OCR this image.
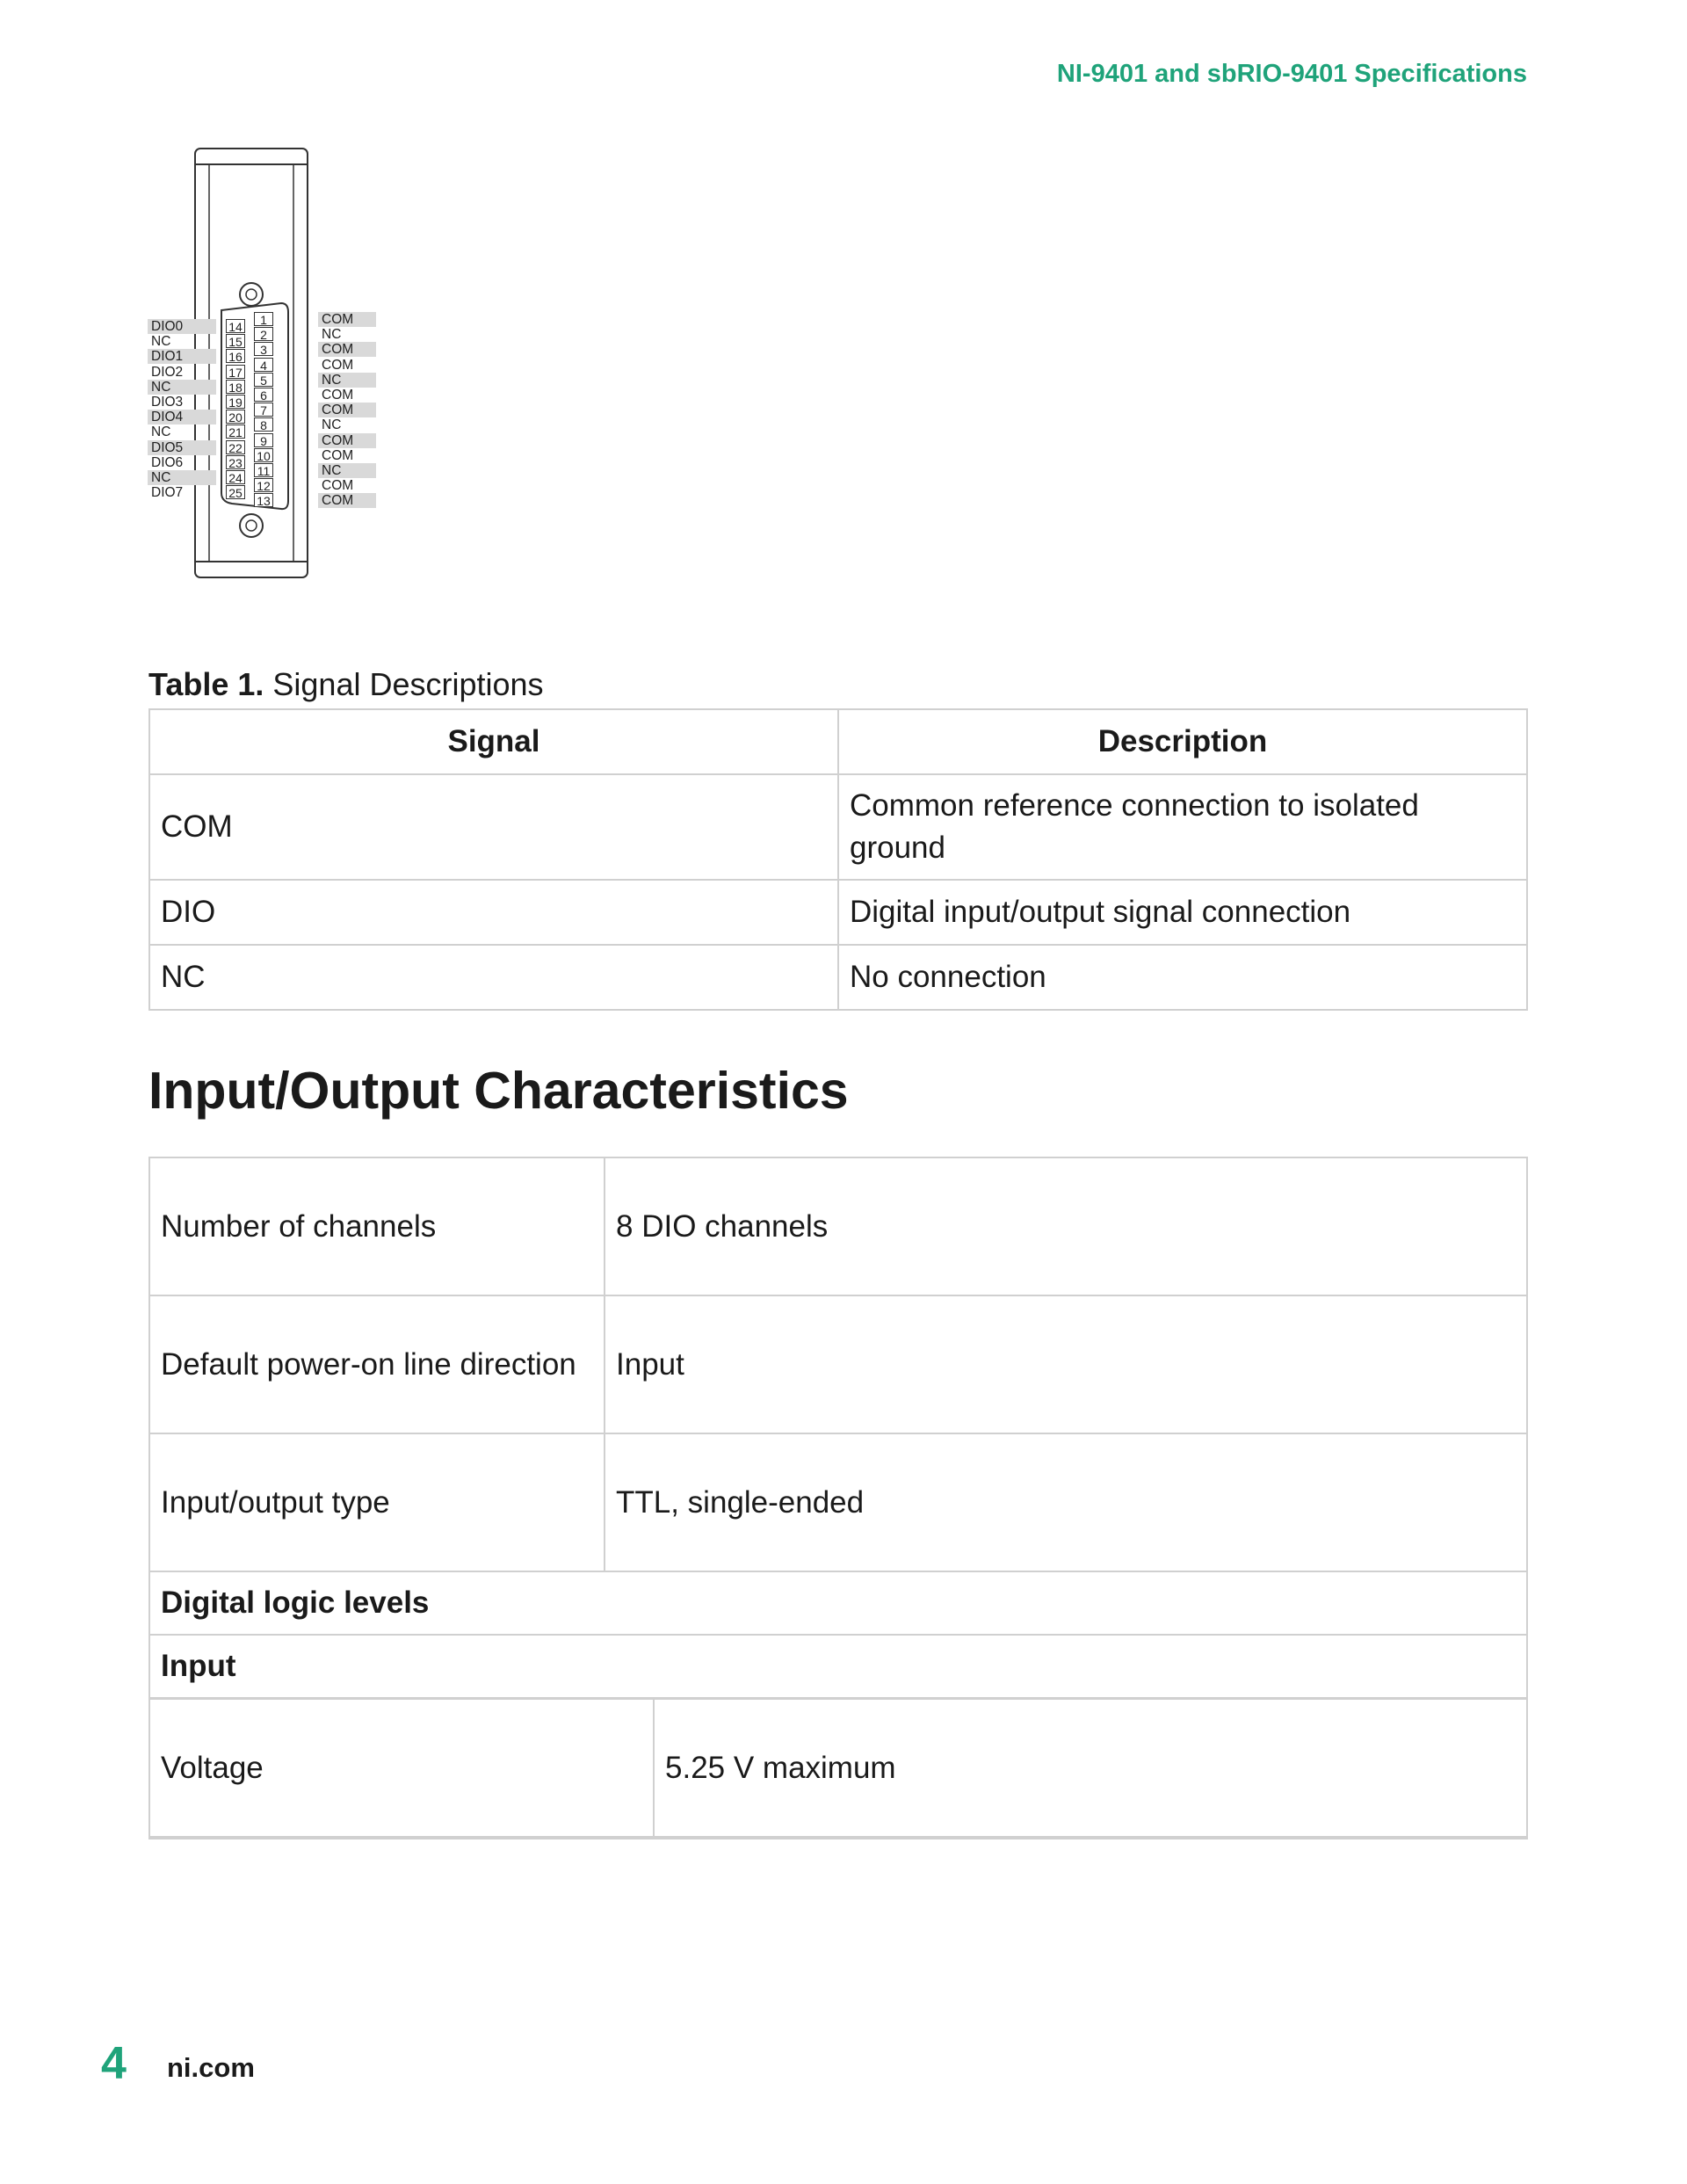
NI-9401 and sbRIO-9401 Specifications
DIO0	14
NC	15
DIO1	16
DIO2	17
NC	18
DIO3	19
DIO4	20
NC	21
DIO5	22
DIO6	23
NC	24
DIO7	25
COM
1
NC
2
COM
3
COM
4
NC
5
COM
6
COM
7
NC
8
COM
9
COM
10
NC
11
COM
12
COM
13
Table 1. Signal Descriptions
Signal	Description
COM	Common reference connection to isolated ground
DIO	Digital input/output signal connection
NC	No connection
Input/Output Characteristics
Number of channels	8 DIO channels
Default power-on line direction	Input
Input/output type	TTL, single-ended
Digital logic levels	
Input	
Voltage	5.25 V maximum
4 ni.com
